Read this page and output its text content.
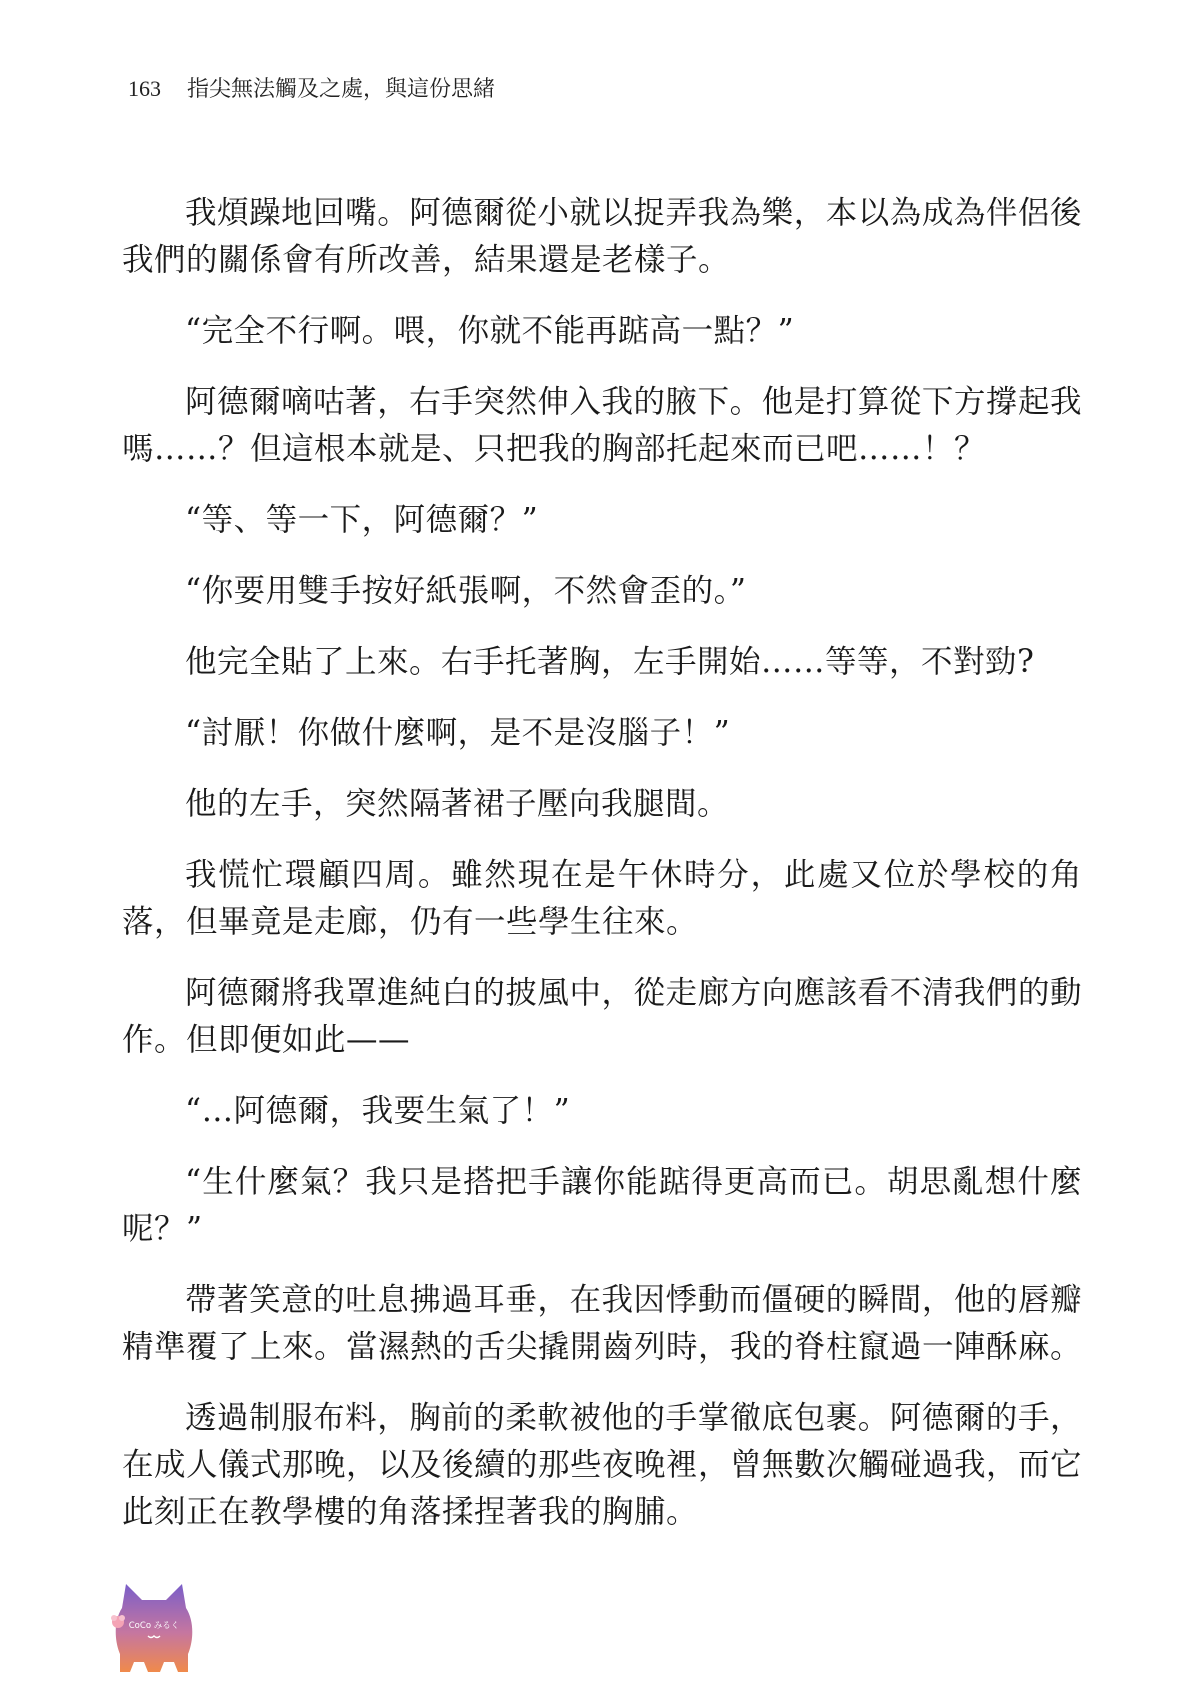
163 指尖無法觸及之處，與這份思緒

我煩躁地回嘴。阿德爾從小就以捉弄我為樂，本以為成為伴侶後我們的關係會有所改善，結果還是老樣子。

“完全不行啊。喂，你就不能再踮高一點？”

阿德爾嘀咕著，右手突然伸入我的腋下。他是打算從下方撐起我嗎……？但這根本就是、只把我的胸部托起來而已吧……！？

“等、等一下，阿德爾？”

“你要用雙手按好紙張啊，不然會歪的。”

他完全貼了上來。右手托著胸，左手開始……等等，不對勁?

“討厭！你做什麼啊，是不是沒腦子！”

他的左手，突然隔著裙子壓向我腿間。

我慌忙環顧四周。雖然現在是午休時分，此處又位於學校的角落，但畢竟是走廊，仍有一些學生往來。

阿德爾將我罩進純白的披風中，從走廊方向應該看不清我們的動作。但即便如此——

“…阿德爾，我要生氣了！”

“生什麼氣？我只是搭把手讓你能踮得更高而已。胡思亂想什麼呢？”

帶著笑意的吐息拂過耳垂，在我因悸動而僵硬的瞬間，他的唇瓣精準覆了上來。當濕熱的舌尖撬開齒列時，我的脊柱竄過一陣酥麻。

透過制服布料，胸前的柔軟被他的手掌徹底包裹。阿德爾的手，在成人儀式那晚，以及後續的那些夜晚裡，曾無數次觸碰過我，而它此刻正在教學樓的角落揉捏著我的胸脯。

CoCo みるく
